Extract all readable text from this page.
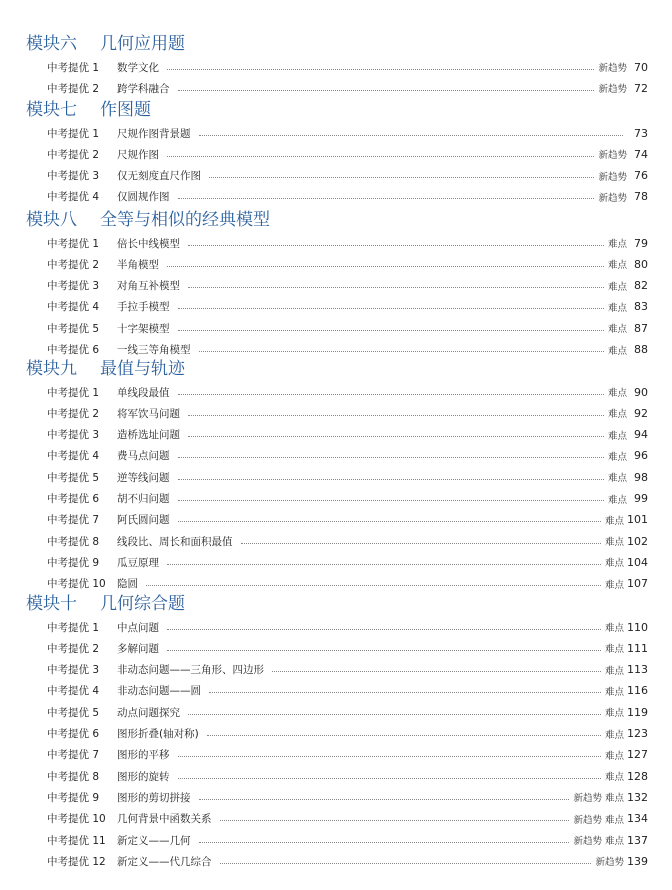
模块六 几何应用题
中考提优 1	数学文化	新趋势 70
中考提优 2	跨学科融合	新趋势 72
模块七 作图题
中考提优 1	尺规作图背景题	73
中考提优 2	尺规作图	新趋势 74
中考提优 3	仅无刻度直尺作图	新趋势 76
中考提优 4	仅圆规作图	新趋势 78
模块八 全等与相似的经典模型
中考提优 1	倍长中线模型	难点 79
中考提优 2	半角模型	难点 80
中考提优 3	对角互补模型	难点 82
中考提优 4	手拉手模型	难点 83
中考提优 5	十字架模型	难点 87
中考提优 6	一线三等角模型	难点 88
模块九 最值与轨迹
中考提优 1	单线段最值	难点 90
中考提优 2	将军饮马问题	难点 92
中考提优 3	造桥选址问题	难点 94
中考提优 4	费马点问题	难点 96
中考提优 5	逆等线问题	难点 98
中考提优 6	胡不归问题	难点 99
中考提优 7	阿氏圆问题	难点 101
中考提优 8	线段比、周长和面积最值	难点 102
中考提优 9	瓜豆原理	难点 104
中考提优 10	隐圆	难点 107
模块十 几何综合题
中考提优 1	中点问题	难点 110
中考提优 2	多解问题	难点 111
中考提优 3	非动态问题——三角形、四边形	难点 113
中考提优 4	非动态问题——圆	难点 116
中考提优 5	动点问题探究	难点 119
中考提优 6	图形折叠(轴对称)	难点 123
中考提优 7	图形的平移	难点 127
中考提优 8	图形的旋转	难点 128
中考提优 9	图形的剪切拼接	新趋势 难点 132
中考提优 10	几何背景中函数关系	新趋势 难点 134
中考提优 11	新定义——几何	新趋势 难点 137
中考提优 12	新定义——代几综合	新趋势 139
